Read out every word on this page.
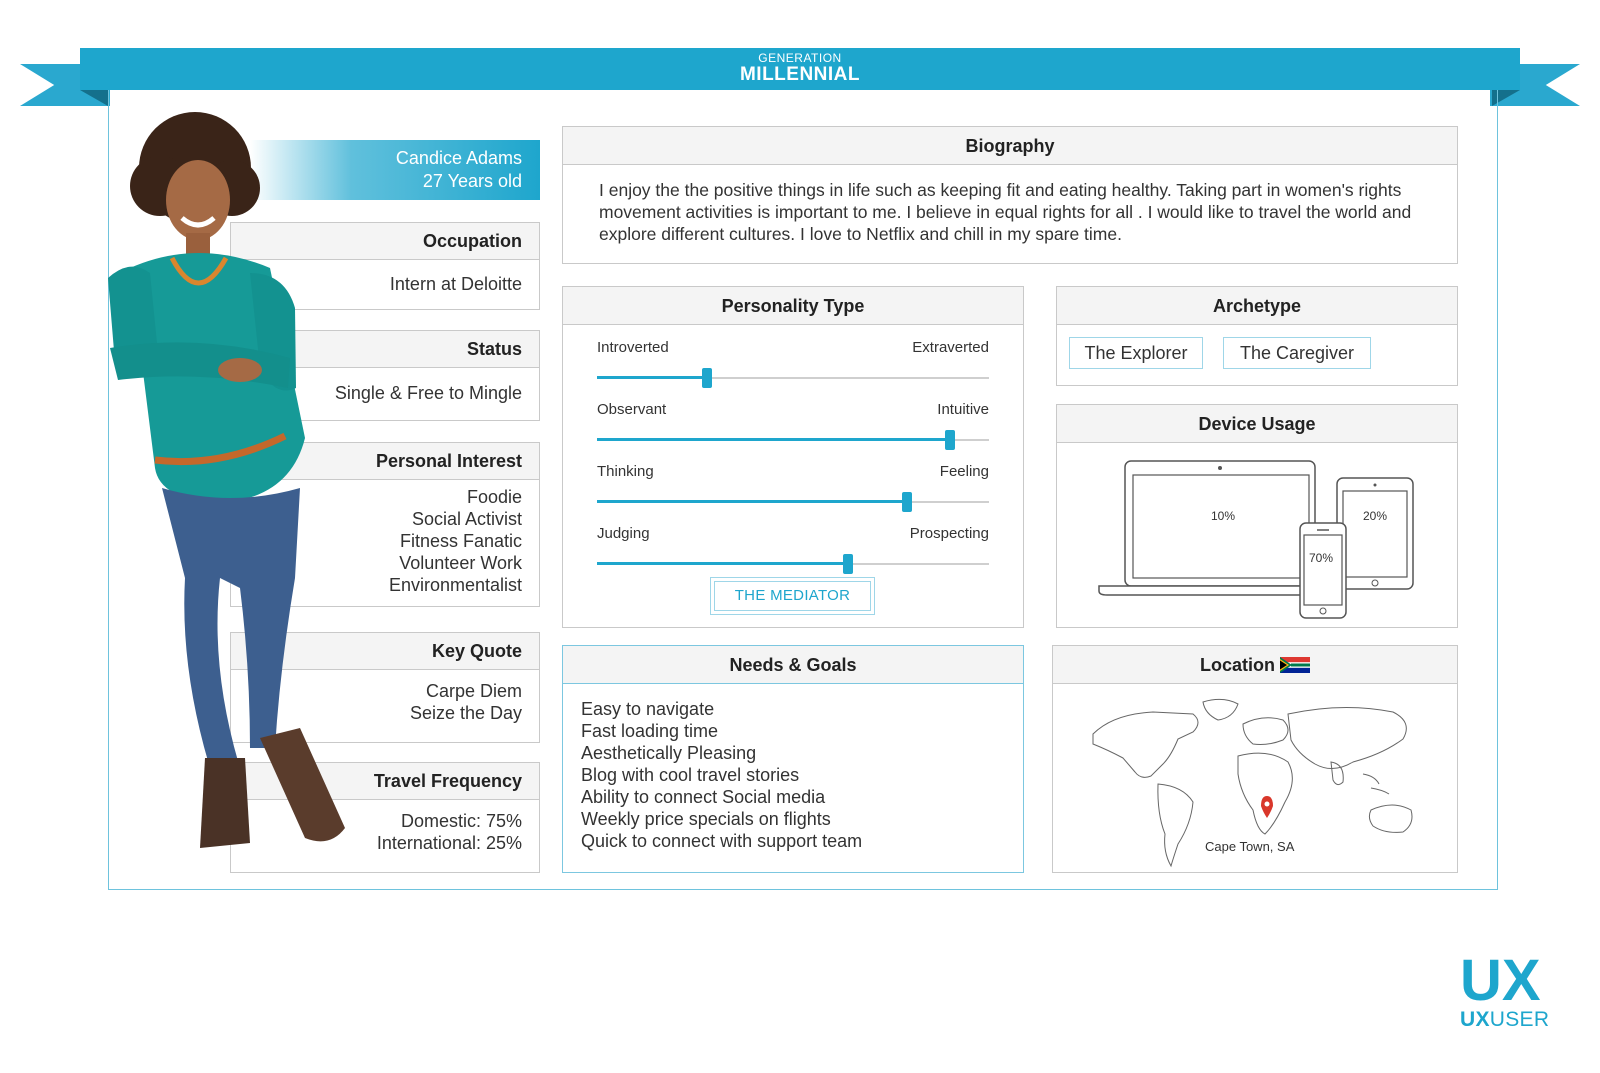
GENERATION
MILLENNIAL
Candice Adams
27 Years old
Occupation
Intern at Deloitte
Status
Single & Free to Mingle
Personal Interest
Foodie
Social Activist
Fitness Fanatic
Volunteer Work
Environmentalist
Key Quote
Carpe Diem
Seize the Day
Travel Frequency
Domestic: 75%
International: 25%
Biography
I enjoy the the positive things in life such as keeping fit and eating healthy. Taking part in women's rights movement activities is important to me. I believe in equal rights for all . I would like to travel the world and explore different cultures. I love to Netflix and chill in my spare time.
Personality Type
Introverted	Extraverted
Observant	Intuitive
Thinking	Feeling
Judging	Prospecting
THE MEDIATOR
Archetype
The Explorer	The Caregiver
Device Usage
10%
70%
20%
Needs & Goals
Easy to navigate
Fast loading time
Aesthetically Pleasing
Blog with cool travel stories
Ability to connect Social media
Weekly price specials on flights
Quick to connect with support team
Location
Cape Town, SA
UX
UXUSER
